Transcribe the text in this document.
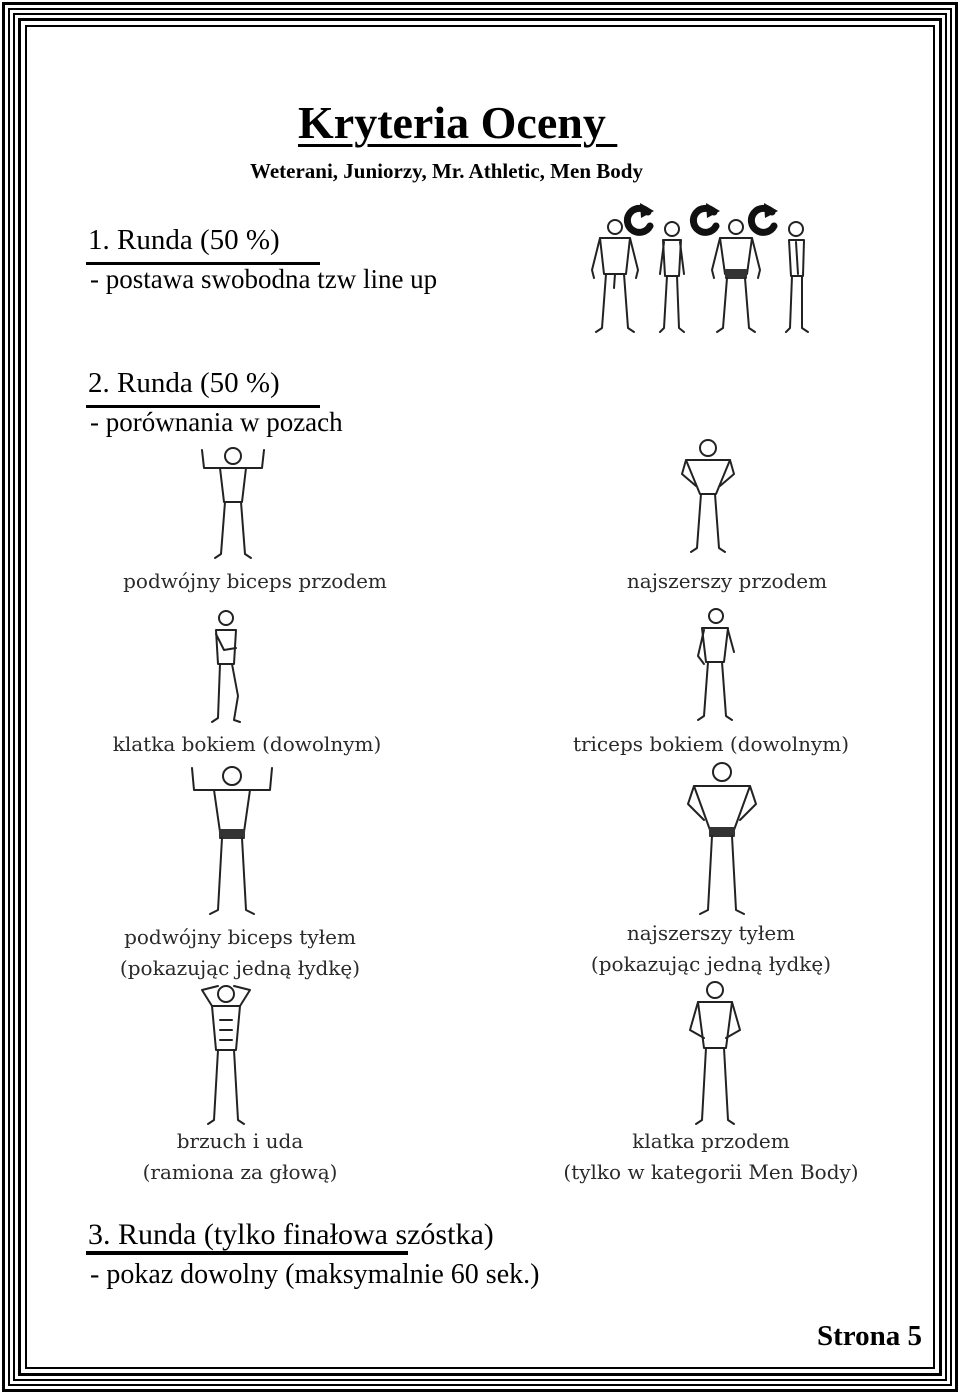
Kryteria Oceny
Weterani, Juniorzy, Mr. Athletic, Men Body
1. Runda (50 %)
- postawa swobodna tzw line up
2. Runda (50 %)
- porównania w pozach
podwójny biceps przodem	najszerszy przodem
klatka bokiem (dowolnym)	triceps bokiem (dowolnym)
podwójny biceps tyłem
(pokazując jedną łydkę)
najszerszy tyłem
(pokazując jedną łydkę)
brzuch i uda
(ramiona za głową)
klatka przodem
(tylko w kategorii Men Body)
3. Runda (tylko finałowa szóstka)
- pokaz dowolny (maksymalnie 60 sek.)
Strona 5
